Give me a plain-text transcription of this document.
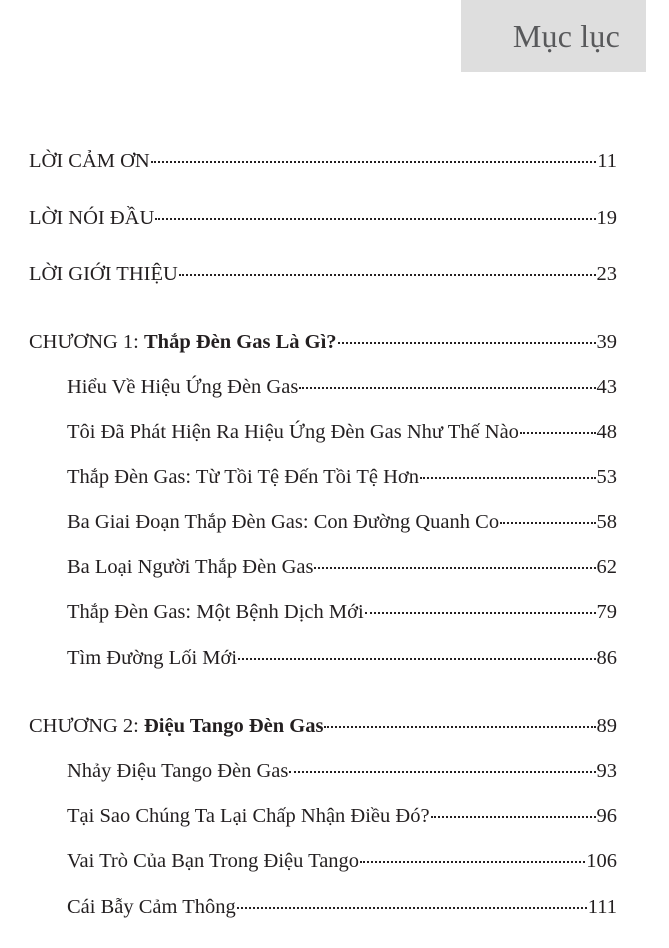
Mục lục
LỜI CẢM ƠN	11
LỜI NÓI ĐẦU	19
LỜI GIỚI THIỆU	23
CHƯƠNG 1: Thắp Đèn Gas Là Gì?	39
Hiểu Về Hiệu Ứng Đèn Gas	43
Tôi Đã Phát Hiện Ra Hiệu Ứng Đèn Gas Như Thế Nào	48
Thắp Đèn Gas: Từ Tồi Tệ Đến Tồi Tệ Hơn	53
Ba Giai Đoạn Thắp Đèn Gas: Con Đường Quanh Co	58
Ba Loại Người Thắp Đèn Gas	62
Thắp Đèn Gas: Một Bệnh Dịch Mới	79
Tìm Đường Lối Mới	86
CHƯƠNG 2: Điệu Tango Đèn Gas	89
Nhảy Điệu Tango Đèn Gas	93
Tại Sao Chúng Ta Lại Chấp Nhận Điều Đó?	96
Vai Trò Của Bạn Trong Điệu Tango	106
Cái Bẫy Cảm Thông	111
